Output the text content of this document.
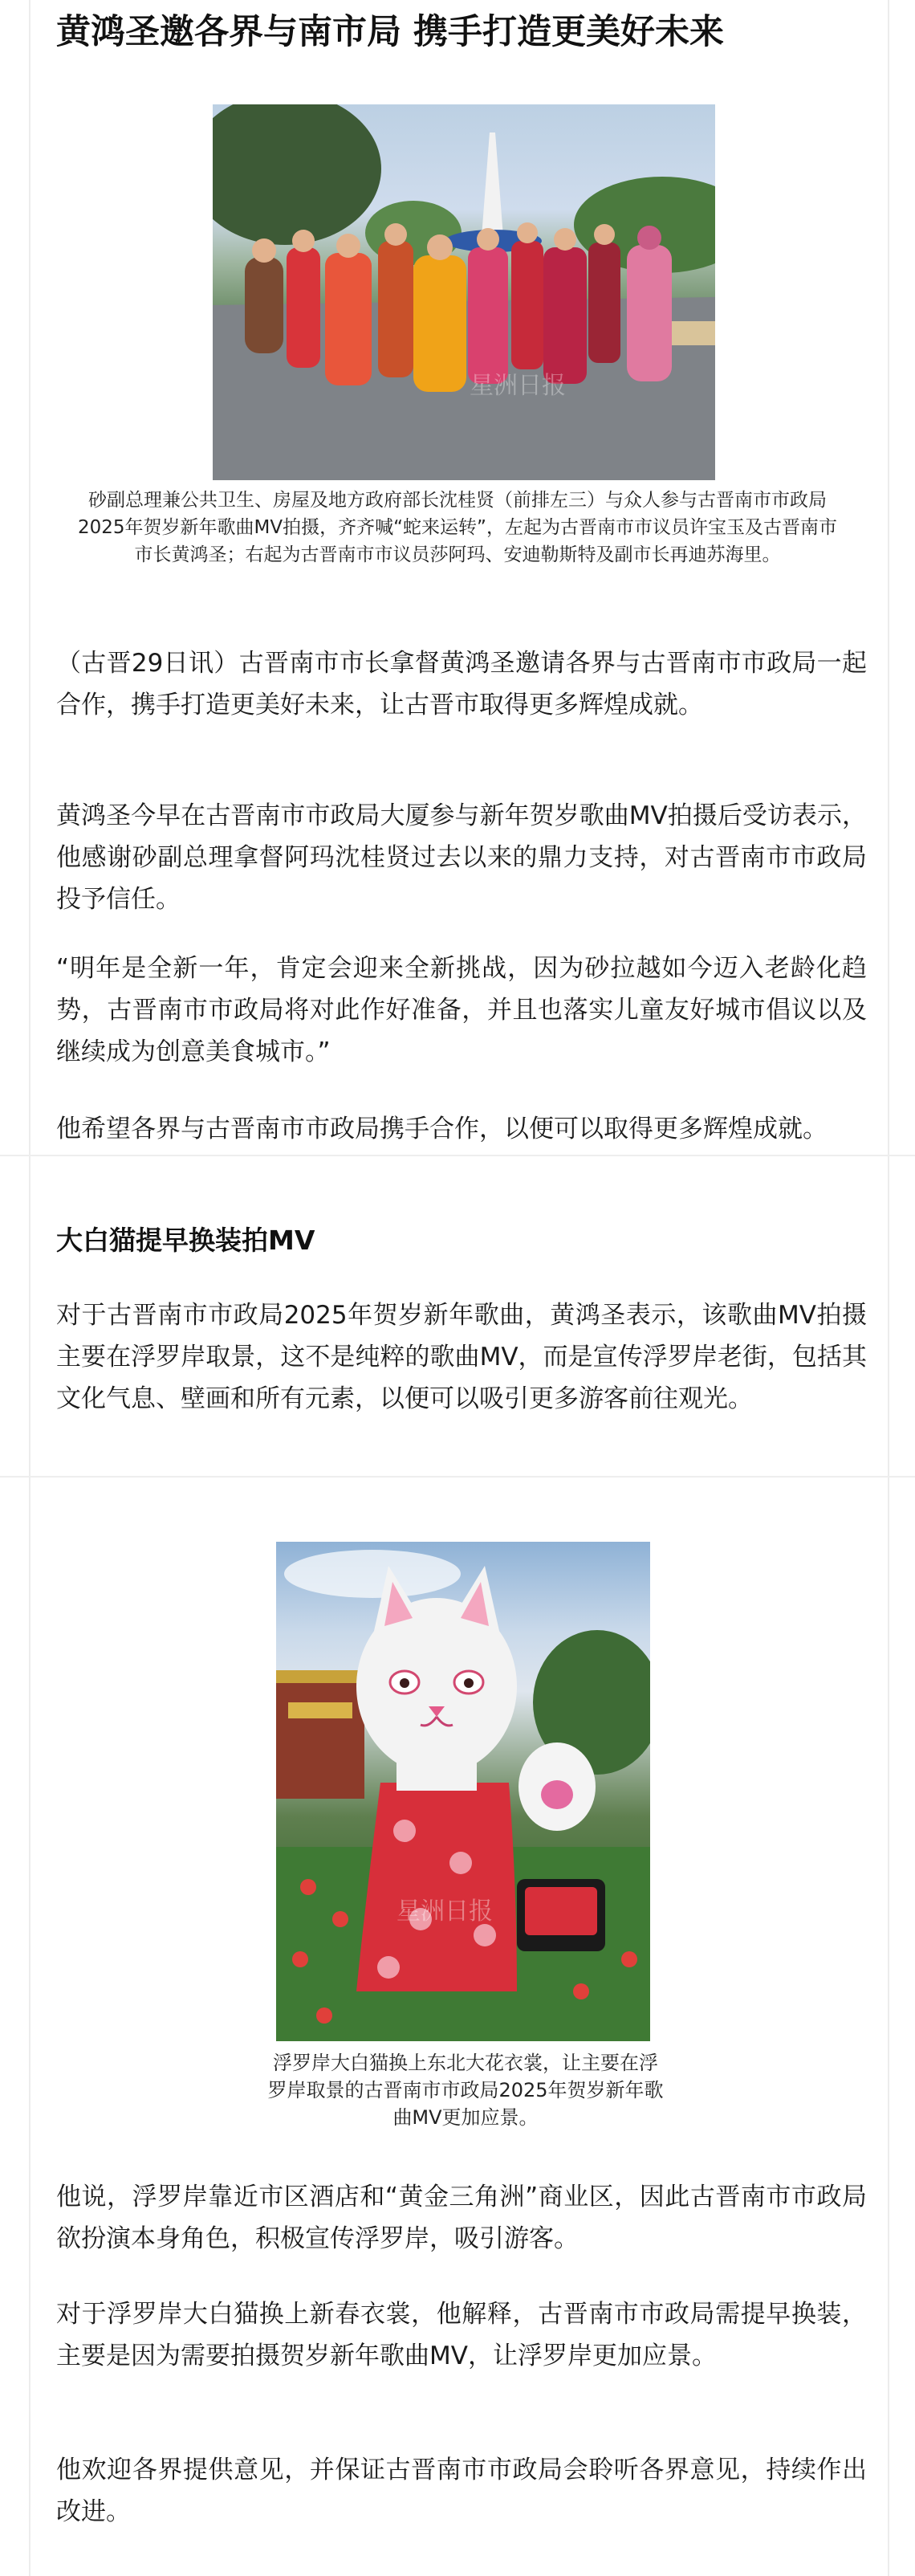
黄鸿圣邀各界与南市局 携手打造更美好未来
星洲日报

砂副总理兼公共卫生、房屋及地方政府部长沈桂贤（前排左三）与众人参与古晋南市市政局2025年贺岁新年歌曲MV拍摄，齐齐喊“蛇来运转”，左起为古晋南市市议员许宝玉及古晋南市市长黄鸿圣；右起为古晋南市市议员莎阿玛、安迪勒斯特及副市长再迪苏海里。

（古晋29日讯）古晋南市市长拿督黄鸿圣邀请各界与古晋南市市政局一起合作，携手打造更美好未来，让古晋市取得更多辉煌成就。

黄鸿圣今早在古晋南市市政局大厦参与新年贺岁歌曲MV拍摄后受访表示，他感谢砂副总理拿督阿玛沈桂贤过去以来的鼎力支持，对古晋南市市政局投予信任。

“明年是全新一年，肯定会迎来全新挑战，因为砂拉越如今迈入老龄化趋势，古晋南市市政局将对此作好准备，并且也落实儿童友好城市倡议以及继续成为创意美食城市。”

他希望各界与古晋南市市政局携手合作，以便可以取得更多辉煌成就。

大白猫提早换装拍MV

对于古晋南市市政局2025年贺岁新年歌曲，黄鸿圣表示，该歌曲MV拍摄主要在浮罗岸取景，这不是纯粹的歌曲MV，而是宣传浮罗岸老街，包括其文化气息、壁画和所有元素，以便可以吸引更多游客前往观光。

星洲日报

浮罗岸大白猫换上东北大花衣裳，让主要在浮罗岸取景的古晋南市市政局2025年贺岁新年歌曲MV更加应景。

他说，浮罗岸靠近市区酒店和“黄金三角洲”商业区，因此古晋南市市政局欲扮演本身角色，积极宣传浮罗岸，吸引游客。

对于浮罗岸大白猫换上新春衣裳，他解释，古晋南市市政局需提早换装，主要是因为需要拍摄贺岁新年歌曲MV，让浮罗岸更加应景。

他欢迎各界提供意见，并保证古晋南市市政局会聆听各界意见，持续作出改进。
